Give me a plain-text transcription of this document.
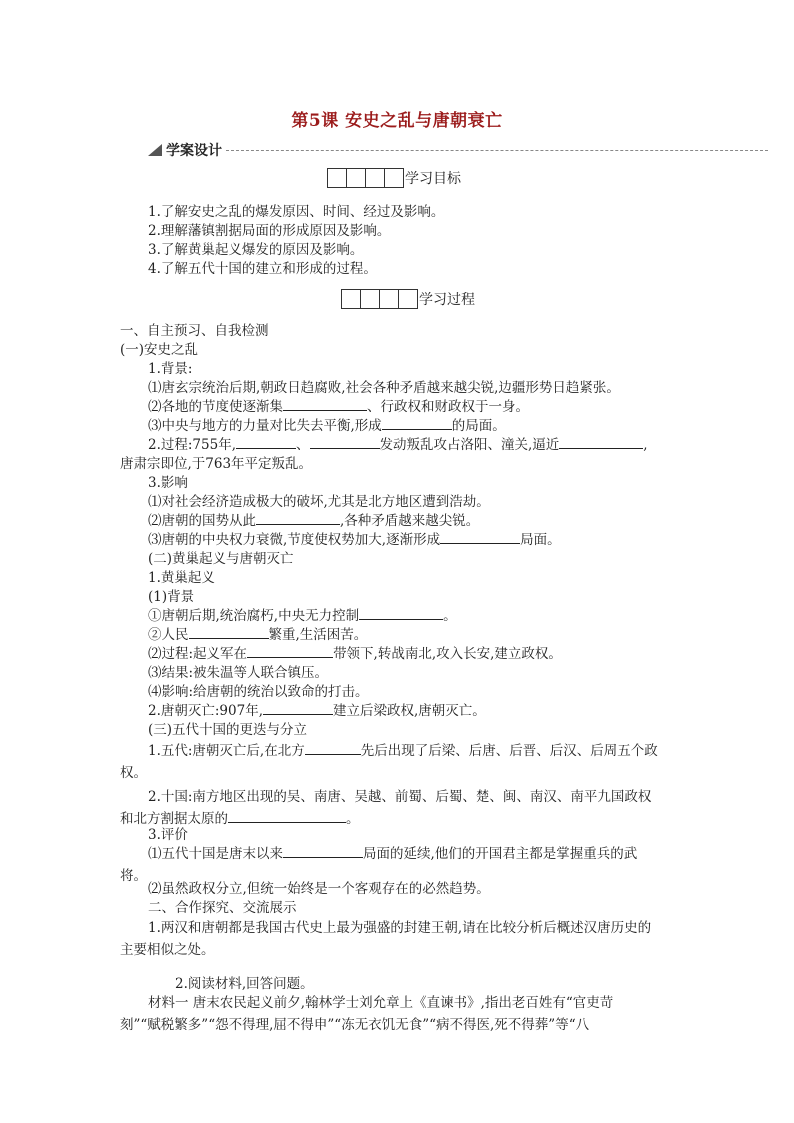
第5课 安史之乱与唐朝衰亡
学案设计
学习目标
1.了解安史之乱的爆发原因、时间、经过及影响。
2.理解藩镇割据局面的形成原因及影响。
3.了解黄巢起义爆发的原因及影响。
4.了解五代十国的建立和形成的过程。
学习过程
一、自主预习、自我检测
(一)安史之乱
1.背景:
⑴唐玄宗统治后期,朝政日趋腐败,社会各种矛盾越来越尖锐,边疆形势日趋紧张。
⑵各地的节度使逐渐集	、行政权和财政权于一身。
⑶中央与地方的力量对比失去平衡,形成	的局面。
2.过程:755年,	、	发动叛乱攻占洛阳、潼关,逼近	,
唐肃宗即位,于763年平定叛乱。
3.影响
⑴对社会经济造成极大的破坏,尤其是北方地区遭到浩劫。
⑵唐朝的国势从此	,各种矛盾越来越尖锐。
⑶唐朝的中央权力衰微,节度使权势加大,逐渐形成	局面。
(二)黄巢起义与唐朝灭亡
1.黄巢起义
(1)背景
①唐朝后期,统治腐朽,中央无力控制	。
②人民	繁重,生活困苦。
⑵过程:起义军在	带领下,转战南北,攻入长安,建立政权。
⑶结果:被朱温等人联合镇压。
⑷影响:给唐朝的统治以致命的打击。
2.唐朝灭亡:907年,	建立后梁政权,唐朝灭亡。
(三)五代十国的更迭与分立
1.五代:唐朝灭亡后,在北方	先后出现了后梁、后唐、后晋、后汉、后周五个政
权。
2.十国:南方地区出现的吴、南唐、吴越、前蜀、后蜀、楚、闽、南汉、南平九国政权
和北方割据太原的	。
3.评价
⑴五代十国是唐末以来	局面的延续,他们的开国君主都是掌握重兵的武
将。
⑵虽然政权分立,但统一始终是一个客观存在的必然趋势。
二、合作探究、交流展示
1.两汉和唐朝都是我国古代史上最为强盛的封建王朝,请在比较分析后概述汉唐历史的
主要相似之处。
2.阅读材料,回答问题。
材料一 唐末农民起义前夕,翰林学士刘允章上《直谏书》,指出老百姓有“官吏苛
刻”“赋税繁多”“怨不得理,屈不得申”“冻无衣饥无食”“病不得医,死不得葬”等“八
